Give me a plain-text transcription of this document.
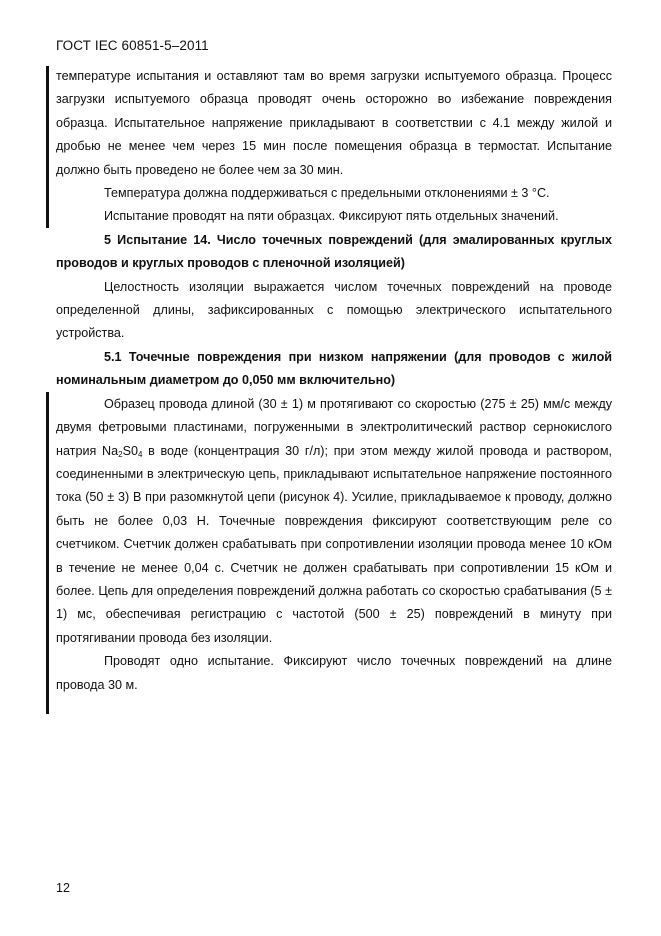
ГОСТ IEC 60851-5–2011

температуре испытания и оставляют там во время загрузки испытуемого образца. Процесс загрузки испытуемого образца проводят очень осторожно во избежание повреждения образца. Испытательное напряжение прикладывают в соответствии с 4.1 между жилой и дробью не менее чем через 15 мин после помещения образца в термостат. Испытание должно быть проведено не более чем за 30 мин.

Температура должна поддерживаться с предельными отклонениями ± 3 °С.

Испытание проводят на пяти образцах. Фиксируют пять отдельных значений.

5 Испытание 14. Число точечных повреждений (для эмалированных круглых проводов и круглых проводов с пленочной изоляцией)

Целостность изоляции выражается числом точечных повреждений на проводе определенной длины, зафиксированных с помощью электрического испытательного устройства.

5.1 Точечные повреждения при низком напряжении (для проводов с жилой номинальным диаметром до 0,050 мм включительно)

Образец провода длиной (30 ± 1) м протягивают со скоростью (275 ± 25) мм/с между двумя фетровыми пластинами, погруженными в электролитический раствор сернокислого натрия $Na_2S0_4$ в воде (концентрация 30 г/л); при этом между жилой провода и раствором, соединенными в электрическую цепь, прикладывают испытательное напряжение постоянного тока (50 ± 3) В при разомкнутой цепи (рисунок 4). Усилие, прикладываемое к проводу, должно быть не более 0,03 Н. Точечные повреждения фиксируют соответствующим реле со счетчиком. Счетчик должен срабатывать при сопротивлении изоляции провода менее 10 кОм в течение не менее 0,04 с. Счетчик не должен срабатывать при сопротивлении 15 кОм и более. Цепь для определения повреждений должна работать со скоростью срабатывания (5 ± 1) мс, обеспечивая регистрацию с частотой (500 ± 25) повреждений в минуту при протягивании провода без изоляции.

Проводят одно испытание. Фиксируют число точечных повреждений на длине провода 30 м.

12
